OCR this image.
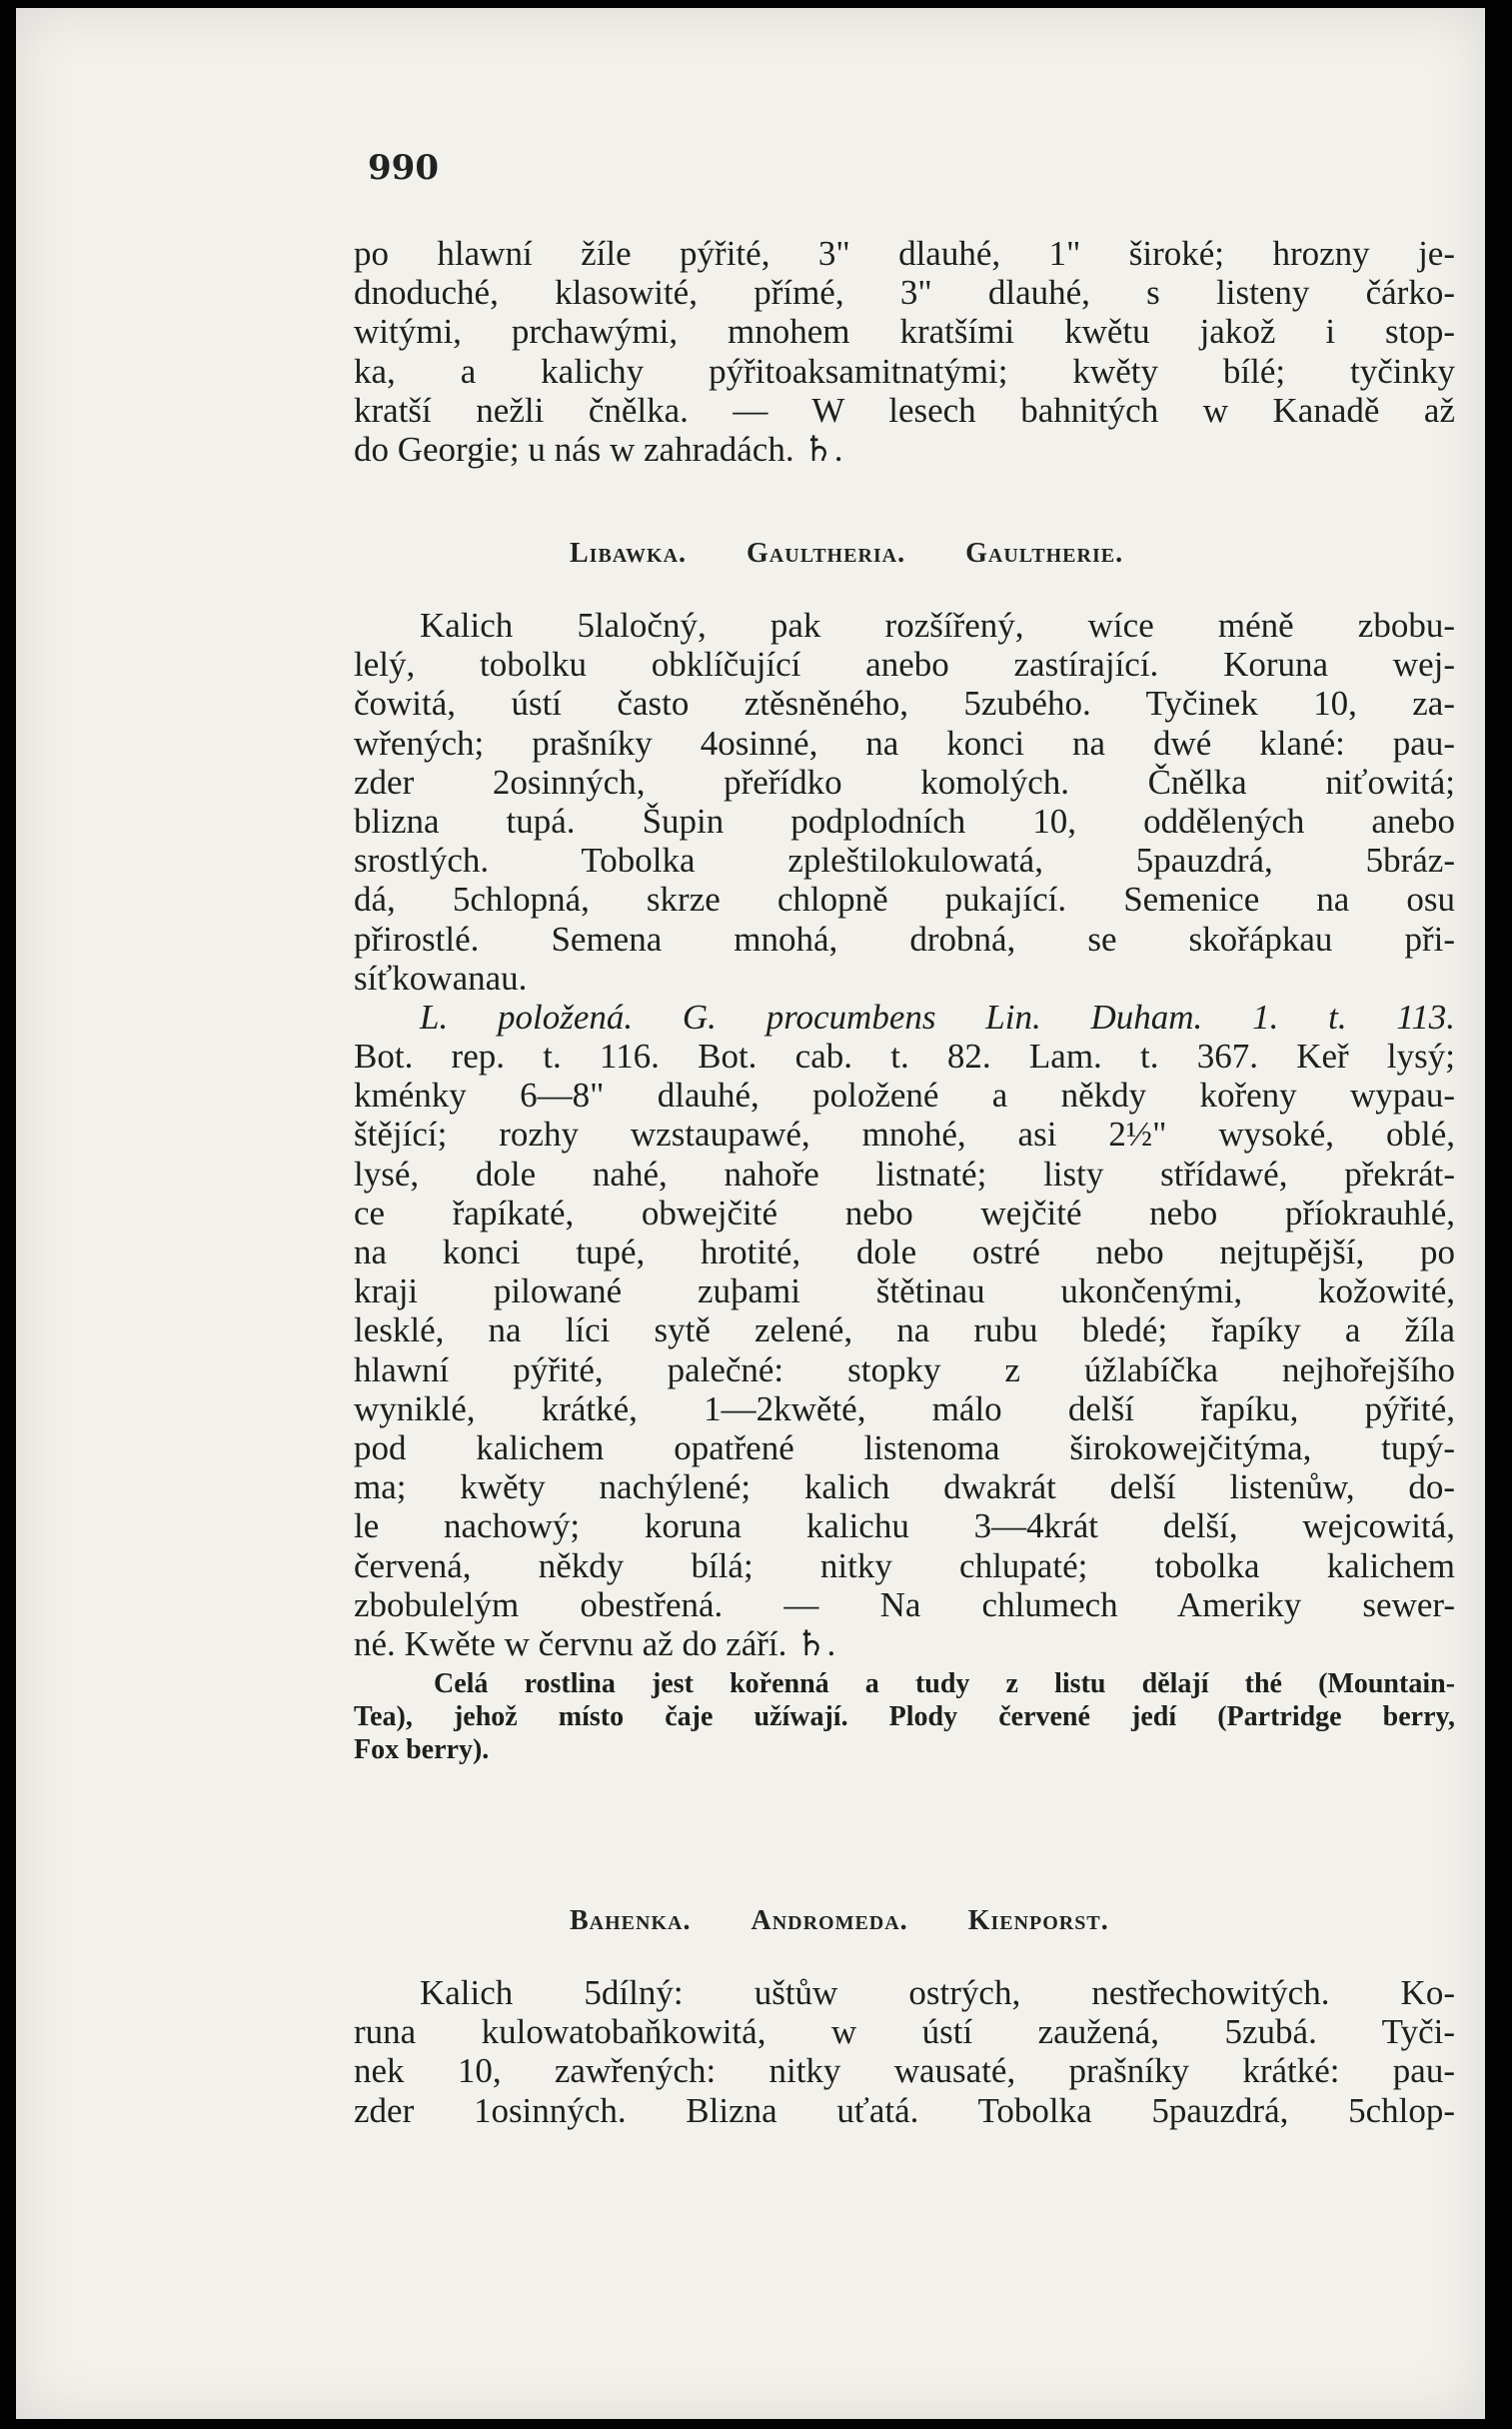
990
po hlawní žíle pýřité, 3" dlauhé, 1" široké; hrozny je-
dnoduché, klasowité, přímé, 3" dlauhé, s listeny čárko-
witými, prchawými, mnohem kratšími kwětu jakož i stop-
ka, a kalichy pýřitoaksamitnatými; kwěty bílé; tyčinky
kratší nežli čnělka. — W lesech bahnitých w Kanadě až
do Georgie; u nás w zahradách. ♄.
Libawka. Gaultheria. Gaultherie.
Kalich 5laločný, pak rozšířený, wíce méně zbobu-
lelý, tobolku obklíčující anebo zastírající. Koruna wej-
čowitá, ústí často ztěsněného, 5zubého. Tyčinek 10, za-
wřených; prašníky 4osinné, na konci na dwé klané: pau-
zder 2osinných, přeřídko komolých. Čnělka niťowitá;
blizna tupá. Šupin podplodních 10, oddělených anebo
srostlých. Tobolka zpleštilokulowatá, 5pauzdrá, 5bráz-
dá, 5chlopná, skrze chlopně pukající. Semenice na osu
přirostlé. Semena mnohá, drobná, se skořápkau při-
síťkowanau.
L. položená. G. procumbens Lin. Duham. 1. t. 113.
Bot. rep. t. 116. Bot. cab. t. 82. Lam. t. 367. Keř lysý;
kménky 6—8" dlauhé, položené a někdy kořeny wypau-
štějící; rozhy wzstaupawé, mnohé, asi 2½" wysoké, oblé,
lysé, dole nahé, nahoře listnaté; listy střídawé, překrát-
ce řapíkaté, obwejčité nebo wejčité nebo příokrauhlé,
na konci tupé, hrotité, dole ostré nebo nejtupější, po
kraji pilowané zuþami štětinau ukončenými, kožowité,
lesklé, na líci sytě zelené, na rubu bledé; řapíky a žíla
hlawní pýřité, palečné: stopky z úžlabíčka nejhořejšího
wyniklé, krátké, 1—2kwěté, málo delší řapíku, pýřité,
pod kalichem opatřené listenoma širokowejčitýma, tupý-
ma; kwěty nachýlené; kalich dwakrát delší listenůw, do-
le nachowý; koruna kalichu 3—4krát delší, wejcowitá,
červená, někdy bílá; nitky chlupaté; tobolka kalichem
zbobulelým obestřená. — Na chlumech Ameriky sewer-
né. Kwěte w červnu až do září. ♄.
Celá rostlina jest kořenná a tudy z listu dělají thé (Mountain-
Tea), jehož místo čaje užíwají. Plody červené jedí (Partridge berry,
Fox berry).
Bahenka. Andromeda. Kienporst.
Kalich 5dílný: uštůw ostrých, nestřechowitých. Ko-
runa kulowatobaňkowitá, w ústí zaužená, 5zubá. Tyči-
nek 10, zawřených: nitky wausaté, prašníky krátké: pau-
zder 1osinných. Blizna uťatá. Tobolka 5pauzdrá, 5chlop-
